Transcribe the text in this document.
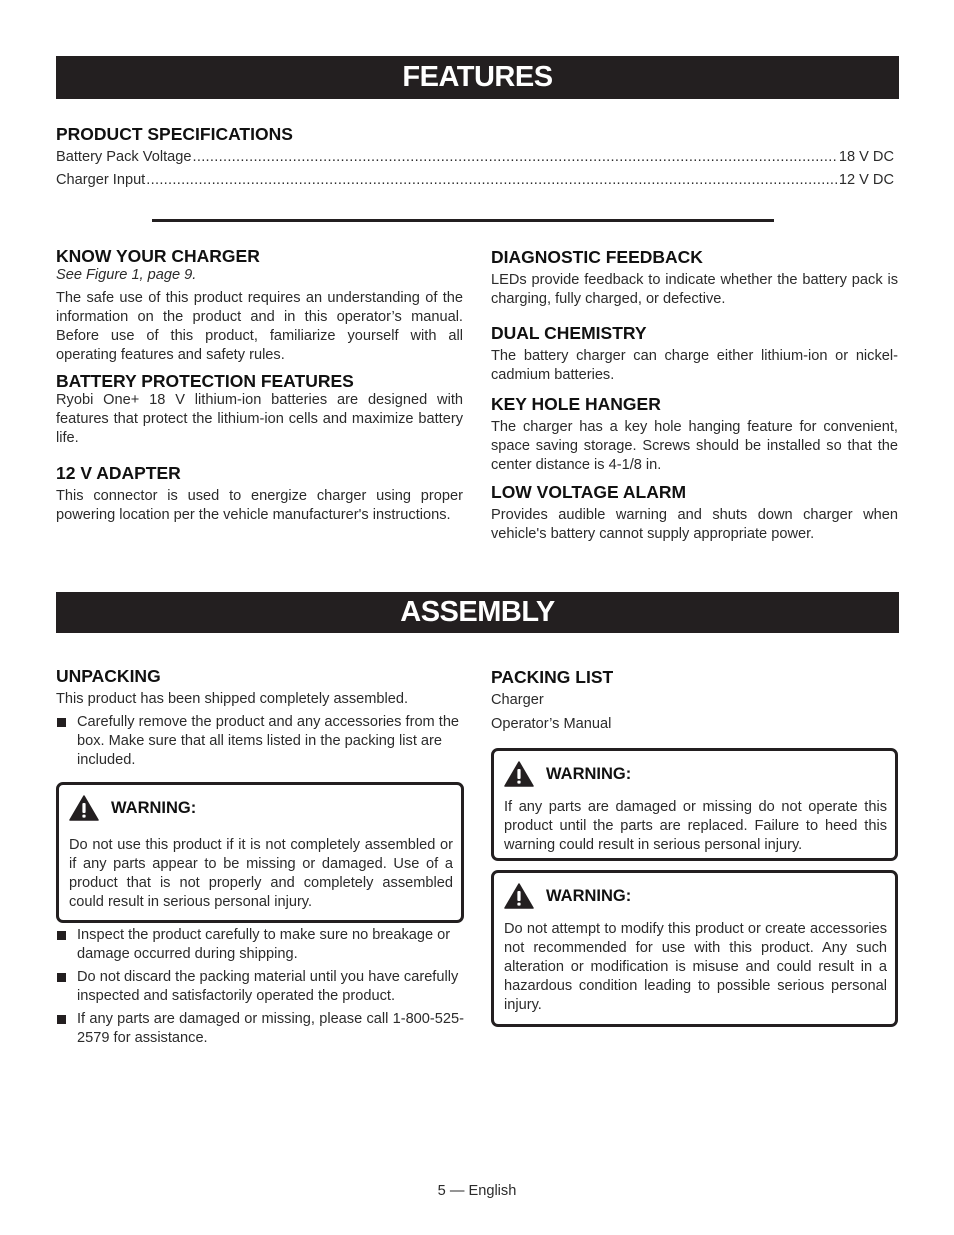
FEATURES
PRODUCT SPECIFICATIONS
Battery Pack Voltage .....	18 V DC
Charger Input .....	12 V DC
KNOW YOUR CHARGER
See Figure 1, page 9.
The safe use of this product requires an understanding of the information on the product and in this operator’s manual. Before use of this product, familiarize yourself with all operating features and safety rules.
BATTERY PROTECTION FEATURES
Ryobi One+ 18 V lithium-ion batteries are designed with features that protect the lithium-ion cells and maximize battery life.
12 V ADAPTER
This connector is used to energize charger using proper powering location per the vehicle manufacturer's instructions.
DIAGNOSTIC FEEDBACK
LEDs provide feedback to indicate whether the battery pack is charging, fully charged, or defective.
DUAL CHEMISTRY
The battery charger can charge either lithium-ion or nickel-cadmium batteries.
KEY HOLE HANGER
The charger has a key hole hanging feature for convenient, space saving storage. Screws should be installed so that the center distance is 4-1/8 in.
LOW VOLTAGE ALARM
Provides audible warning and shuts down charger when vehicle's battery cannot supply appropriate power.
ASSEMBLY
UNPACKING
This product has been shipped completely assembled.
Carefully remove the product and any accessories from the box. Make sure that all items listed in the packing list are included.
WARNING:
Do not use this product if it is not completely assembled or if any parts appear to be missing or damaged. Use of a product that is not properly and completely assembled could result in serious personal injury.
Inspect the product carefully to make sure no breakage or damage occurred during shipping.
Do not discard the packing material until you have carefully inspected and satisfactorily operated the product.
If any parts are damaged or missing, please call 1-800-525-2579 for assistance.
PACKING LIST
Charger
Operator’s Manual
WARNING:
If any parts are damaged or missing do not operate this product until the parts are replaced. Failure to heed this warning could result in serious personal injury.
WARNING:
Do not attempt to modify this product or create accessories not recommended for use with this product. Any such alteration or modification is misuse and could result in a hazardous condition leading to possible serious personal injury.
5 — English
